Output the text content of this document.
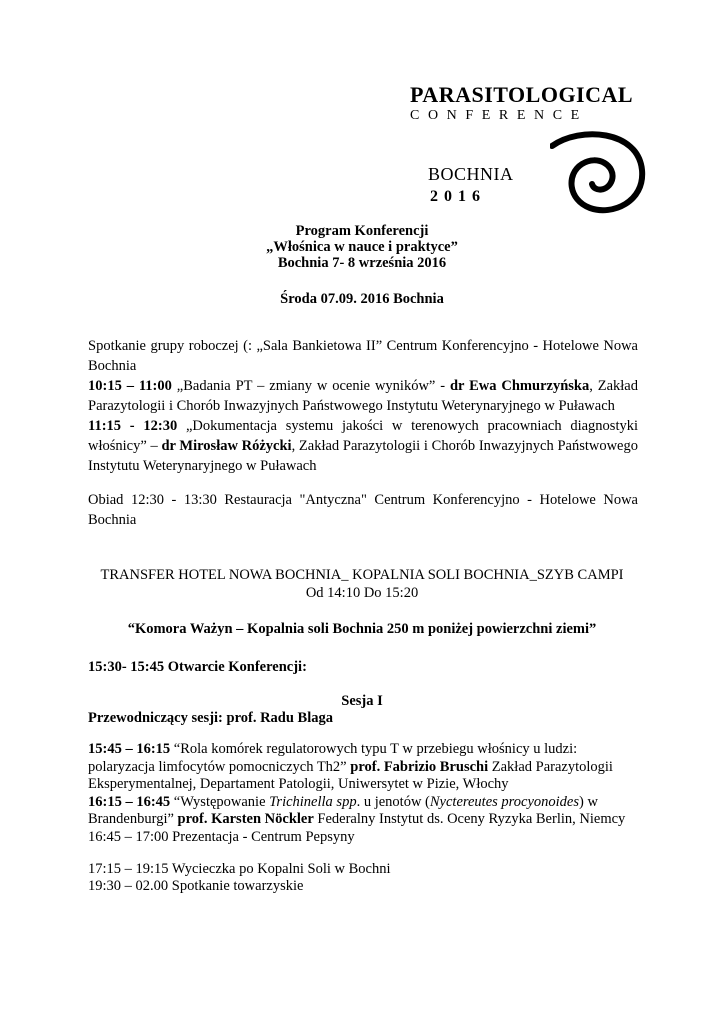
PARASITOLOGICAL
CONFERENCE
BOCHNIA
2016
Program Konferencji
„Włośnica w nauce i praktyce”
Bochnia 7- 8 września 2016
Środa 07.09. 2016 Bochnia

Spotkanie grupy roboczej (: „Sala Bankietowa II” Centrum Konferencyjno - Hotelowe Nowa Bochnia

10:15 – 11:00 „Badania PT – zmiany w ocenie wyników” - dr Ewa Chmurzyńska, Zakład Parazytologii i Chorób Inwazyjnych Państwowego Instytutu Weterynaryjnego w Puławach

11:15 - 12:30 „Dokumentacja systemu jakości w terenowych pracowniach diagnostyki włośnicy” – dr Mirosław Różycki, Zakład Parazytologii i Chorób Inwazyjnych Państwowego Instytutu Weterynaryjnego w Puławach

Obiad 12:30 - 13:30 Restauracja "Antyczna" Centrum Konferencyjno - Hotelowe Nowa Bochnia

TRANSFER HOTEL NOWA BOCHNIA_ KOPALNIA SOLI BOCHNIA_SZYB CAMPI
Od 14:10 Do 15:20
“Komora Ważyn – Kopalnia soli Bochnia 250 m poniżej powierzchni ziemi”
15:30- 15:45 Otwarcie Konferencji:
Sesja I
Przewodniczący sesji: prof. Radu Blaga

15:45 – 16:15 “Rola komórek regulatorowych typu T w przebiegu włośnicy u ludzi: polaryzacja limfocytów pomocniczych Th2” prof. Fabrizio Bruschi Zakład Parazytologii Eksperymentalnej, Departament Patologii, Uniwersytet w Pizie, Włochy

16:15 – 16:45 “Występowanie Trichinella spp. u jenotów (Nyctereutes procyonoides) w Brandenburgi” prof. Karsten Nöckler Federalny Instytut ds. Oceny Ryzyka Berlin, Niemcy

16:45 – 17:00 Prezentacja - Centrum Pepsyny

17:15 – 19:15 Wycieczka po Kopalni Soli w Bochni
19:30 – 02.00 Spotkanie towarzyskie
